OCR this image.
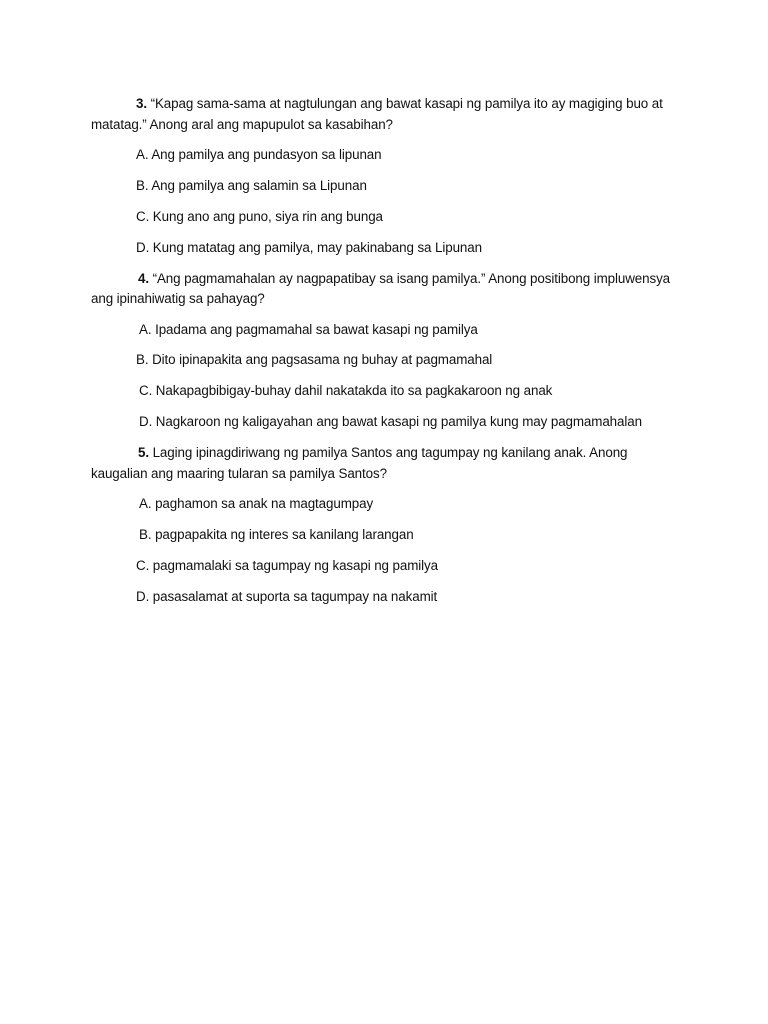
3. “Kapag sama-sama at nagtulungan ang bawat kasapi ng pamilya ito ay magiging buo at matatag.” Anong aral ang mapupulot sa kasabihan?

A. Ang pamilya ang pundasyon sa lipunan

B. Ang pamilya ang salamin sa Lipunan

C. Kung ano ang puno, siya rin ang bunga

D. Kung matatag ang pamilya, may pakinabang sa Lipunan

4. “Ang pagmamahalan ay nagpapatibay sa isang pamilya.” Anong positibong impluwensya ang ipinahiwatig sa pahayag?

A. Ipadama ang pagmamahal sa bawat kasapi ng pamilya

B. Dito ipinapakita ang pagsasama ng buhay at pagmamahal

C. Nakapagbibigay-buhay dahil nakatakda ito sa pagkakaroon ng anak

D. Nagkaroon ng kaligayahan ang bawat kasapi ng pamilya kung may pagmamahalan

5. Laging ipinagdiriwang ng pamilya Santos ang tagumpay ng kanilang anak. Anong kaugalian ang maaring tularan sa pamilya Santos?

A. paghamon sa anak na magtagumpay

B. pagpapakita ng interes sa kanilang larangan

C. pagmamalaki sa tagumpay ng kasapi ng pamilya

D. pasasalamat at suporta sa tagumpay na nakamit
